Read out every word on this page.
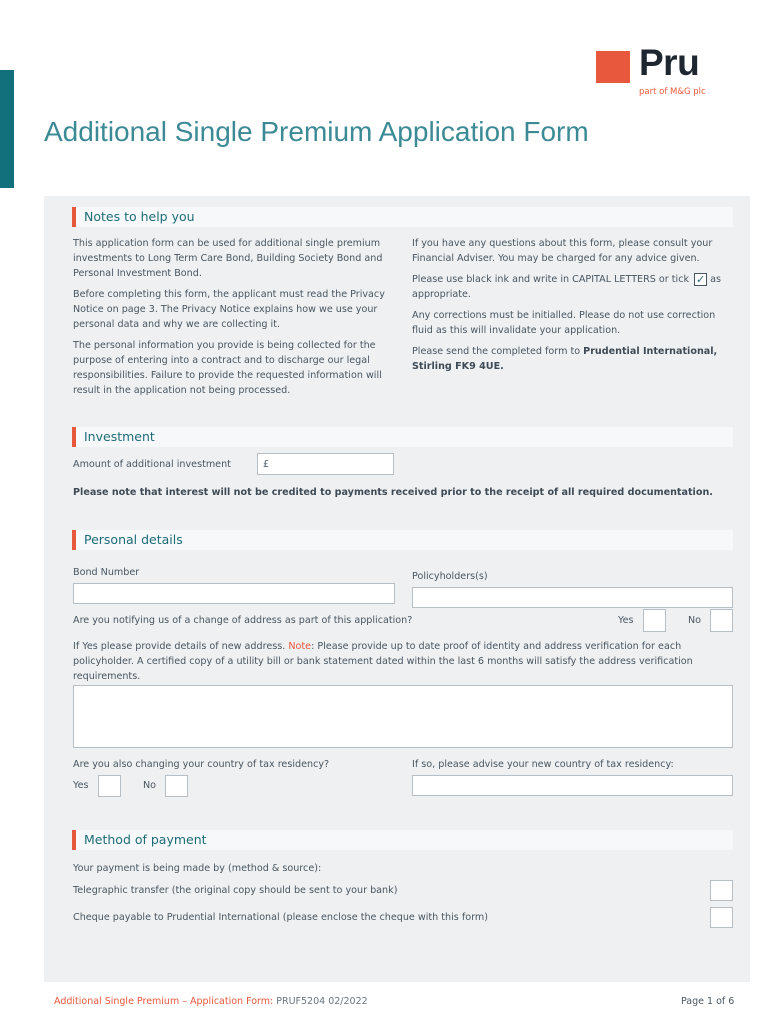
Pru
part of M&G plc
Additional Single Premium Application Form
Notes to help you

This application form can be used for additional single premium investments to Long Term Care Bond, Building Society Bond and Personal Investment Bond.

Before completing this form, the applicant must read the Privacy Notice on page 3. The Privacy Notice explains how we use your personal data and why we are collecting it.

The personal information you provide is being collected for the purpose of entering into a contract and to discharge our legal responsibilities. Failure to provide the requested information will result in the application not being processed.

If you have any questions about this form, please consult your Financial Adviser. You may be charged for any advice given.

Please use black ink and write in CAPITAL LETTERS or tick ✓ as appropriate.

Any corrections must be initialled. Please do not use correction fluid as this will invalidate your application.

Please send the completed form to Prudential International, Stirling FK9 4UE.

Investment
Amount of additional investment	£
Please note that interest will not be credited to payments received prior to the receipt of all required documentation.
Personal details
Bond Number	Policyholders(s)
Are you notifying us of a change of address as part of this application?	Yes	No
If Yes please provide details of new address. Note: Please provide up to date proof of identity and address verification for each policyholder. A certified copy of a utility bill or bank statement dated within the last 6 months will satisfy the address verification requirements.
Are you also changing your country of tax residency?
Yes	No
If so, please advise your new country of tax residency:
Method of payment
Your payment is being made by (method & source):
Telegraphic transfer (the original copy should be sent to your bank)
Cheque payable to Prudential International (please enclose the cheque with this form)
Additional Single Premium – Application Form: PRUF5204 02/2022	Page 1 of 6
